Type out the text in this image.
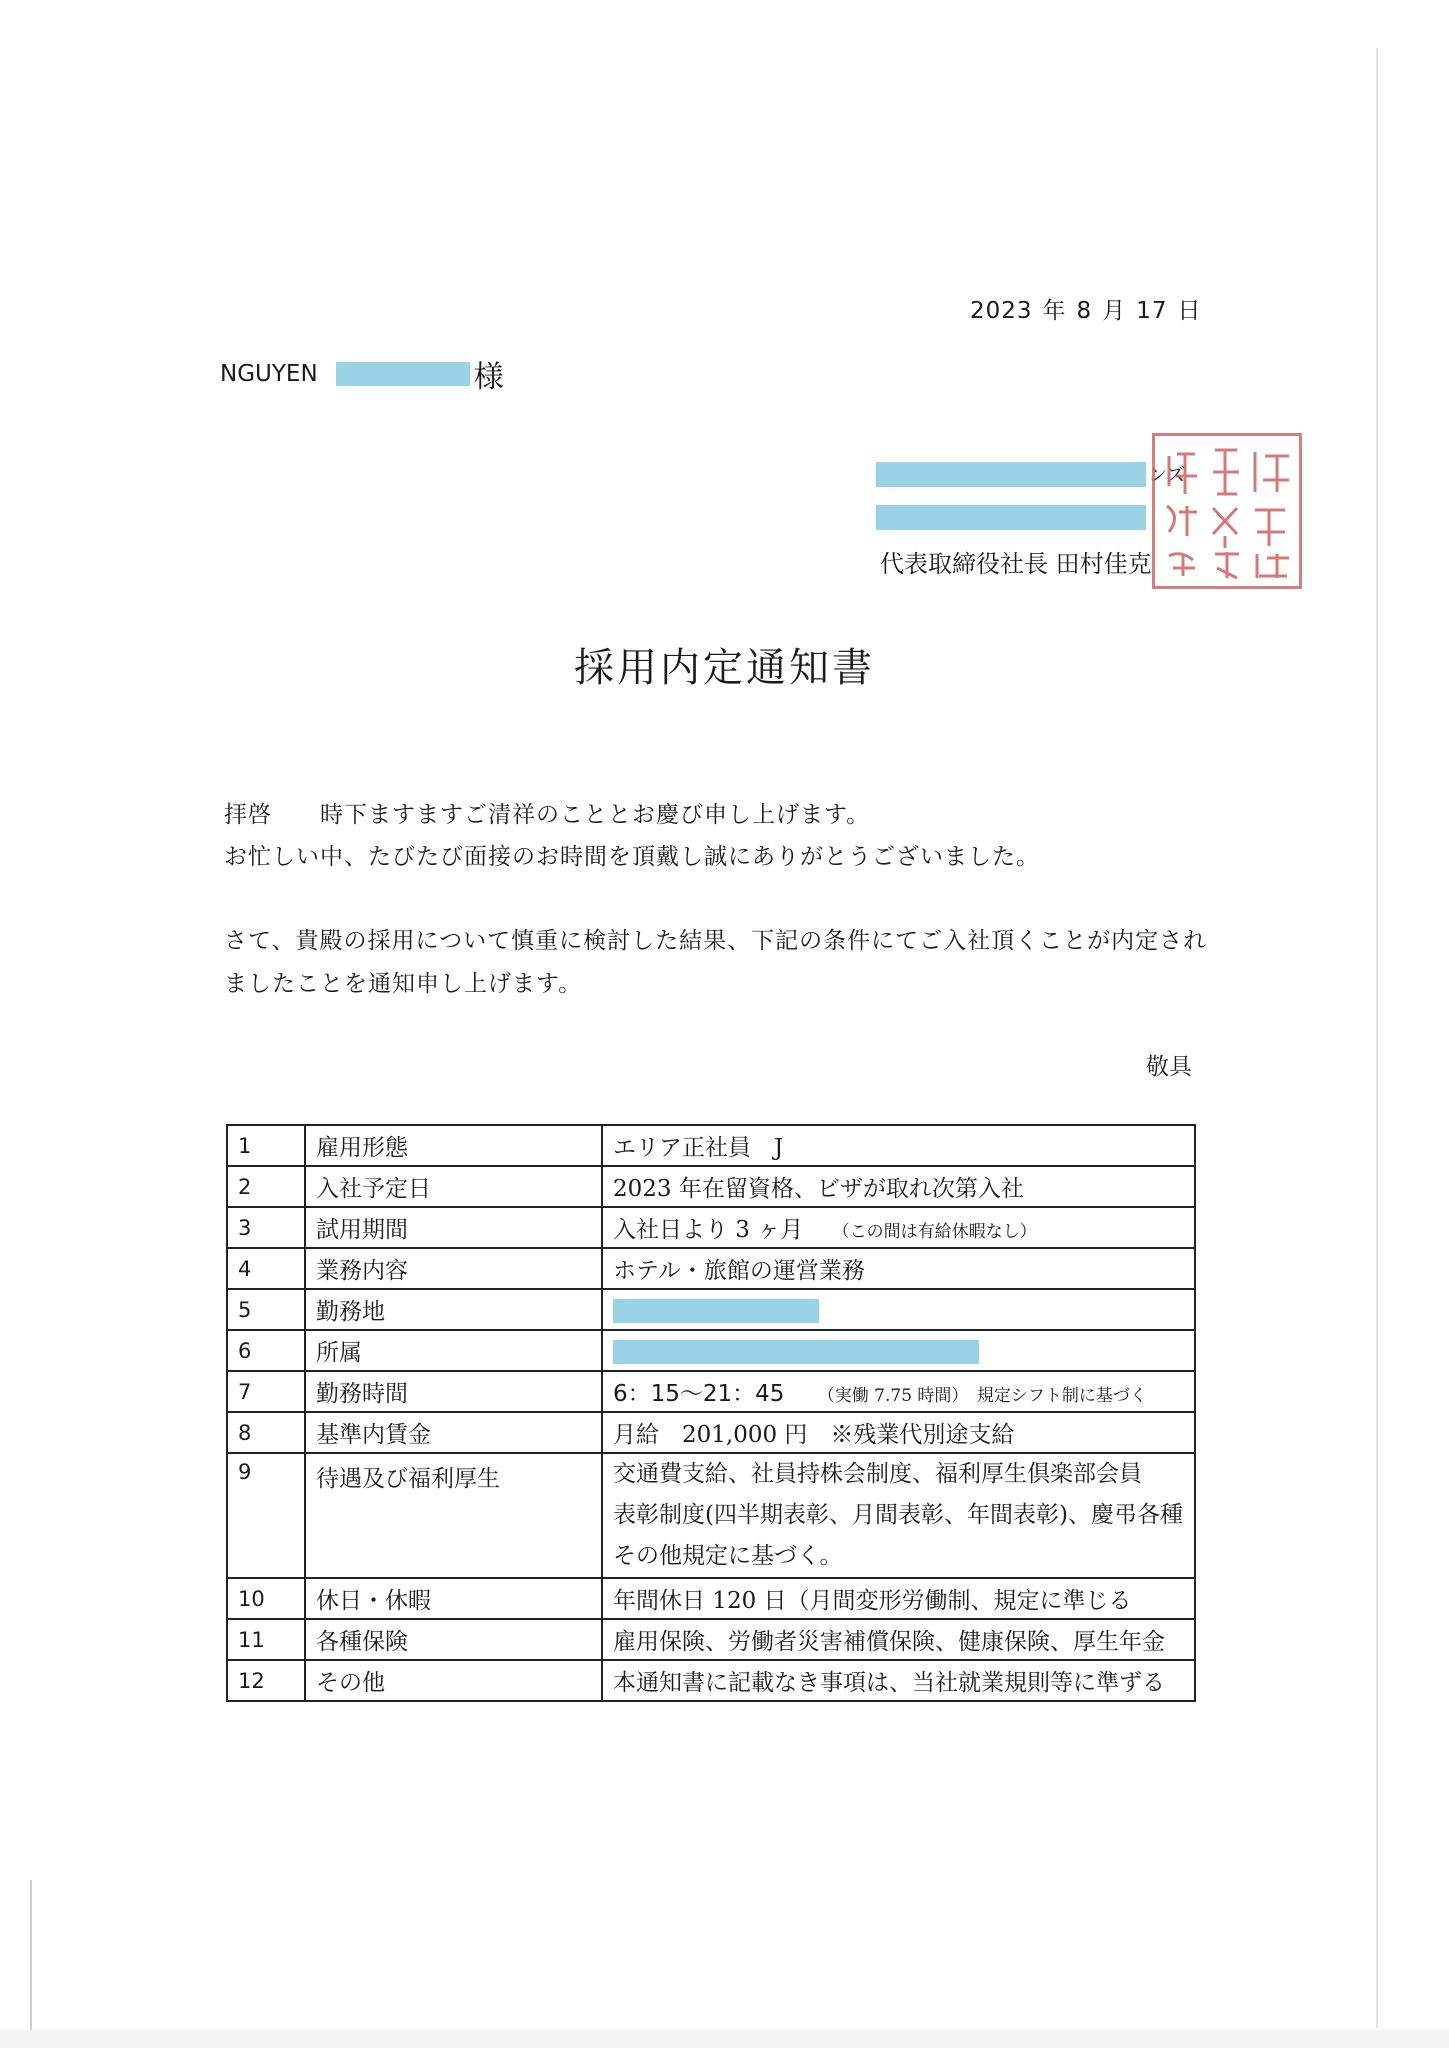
2023 年 8 月 17 日
NGUYEN	様
ンズ
代表取締役社長 田村佳克
採用内定通知書
拝啓　　時下ますますご清祥のこととお慶び申し上げます。
お忙しい中、たびたび面接のお時間を頂戴し誠にありがとうございました。
さて、貴殿の採用について慎重に検討した結果、下記の条件にてご入社頂くことが内定され
ましたことを通知申し上げます。
敬具
1	雇用形態	エリア正社員　J
2	入社予定日	2023 年在留資格、ビザが取れ次第入社
3	試用期間	入社日より 3 ヶ月 （この間は有給休暇なし）
4	業務内容	ホテル・旅館の運営業務
5	勤務地	
6	所属	
7	勤務時間	6：15〜21：45 （実働 7.75 時間）　規定シフト制に基づく
8	基準内賃金	月給　201,000 円　※残業代別途支給
9	待遇及び福利厚生	交通費支給、社員持株会制度、福利厚生倶楽部会員
表彰制度(四半期表彰、月間表彰、年間表彰)、慶弔各種
その他規定に基づく。

10	休日・休暇	年間休日 120 日（月間変形労働制、規定に準じる
11	各種保険	雇用保険、労働者災害補償保険、健康保険、厚生年金
12	その他	本通知書に記載なき事項は、当社就業規則等に準ずる
